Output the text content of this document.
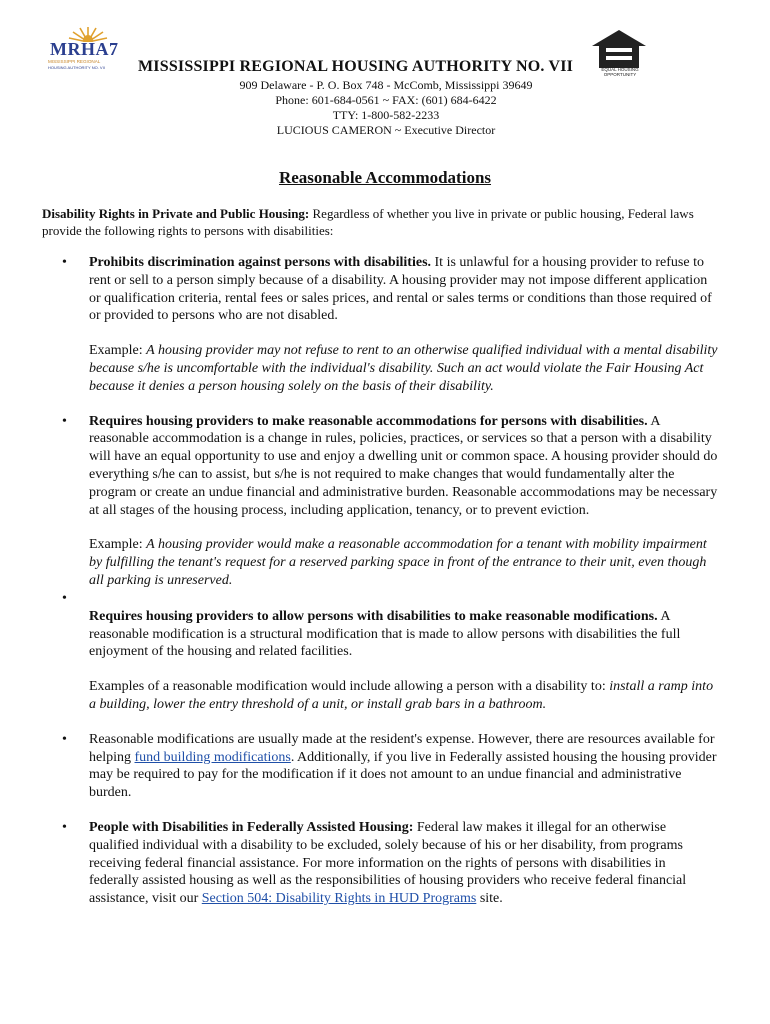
MRHA7
MISSISSIPPI REGIONAL
HOUSING AUTHORITY NO. VII	MISSISSIPPI REGIONAL HOUSING AUTHORITY NO. VII	EQUAL HOUSING OPPORTUNITY
909 Delaware - P. O. Box 748 - McComb, Mississippi 39649
Phone: 601-684-0561 ~ FAX: (601) 684-6422
TTY: 1-800-582-2233
LUCIOUS CAMERON ~ Executive Director
Reasonable Accommodations

Disability Rights in Private and Public Housing: Regardless of whether you live in private or public housing, Federal laws provide the following rights to persons with disabilities:

• Prohibits discrimination against persons with disabilities. It is unlawful for a housing provider to refuse to rent or sell to a person simply because of a disability. A housing provider may not impose different application or qualification criteria, rental fees or sales prices, and rental or sales terms or conditions than those required of or provided to persons who are not disabled.

Example: A housing provider may not refuse to rent to an otherwise qualified individual with a mental disability because s/he is uncomfortable with the individual's disability. Such an act would violate the Fair Housing Act because it denies a person housing solely on the basis of their disability.

• Requires housing providers to make reasonable accommodations for persons with disabilities. A reasonable accommodation is a change in rules, policies, practices, or services so that a person with a disability will have an equal opportunity to use and enjoy a dwelling unit or common space. A housing provider should do everything s/he can to assist, but s/he is not required to make changes that would fundamentally alter the program or create an undue financial and administrative burden. Reasonable accommodations may be necessary at all stages of the housing process, including application, tenancy, or to prevent eviction.

Example: A housing provider would make a reasonable accommodation for a tenant with mobility impairment by fulfilling the tenant's request for a reserved parking space in front of the entrance to their unit, even though all parking is unreserved.

•

Requires housing providers to allow persons with disabilities to make reasonable modifications. A reasonable modification is a structural modification that is made to allow persons with disabilities the full enjoyment of the housing and related facilities.

Examples of a reasonable modification would include allowing a person with a disability to: install a ramp into a building, lower the entry threshold of a unit, or install grab bars in a bathroom.

• Reasonable modifications are usually made at the resident's expense. However, there are resources available for helping fund building modifications. Additionally, if you live in Federally assisted housing the housing provider may be required to pay for the modification if it does not amount to an undue financial and administrative burden.

• People with Disabilities in Federally Assisted Housing: Federal law makes it illegal for an otherwise qualified individual with a disability to be excluded, solely because of his or her disability, from programs receiving federal financial assistance. For more information on the rights of persons with disabilities in federally assisted housing as well as the responsibilities of housing providers who receive federal financial assistance, visit our Section 504: Disability Rights in HUD Programs site.
